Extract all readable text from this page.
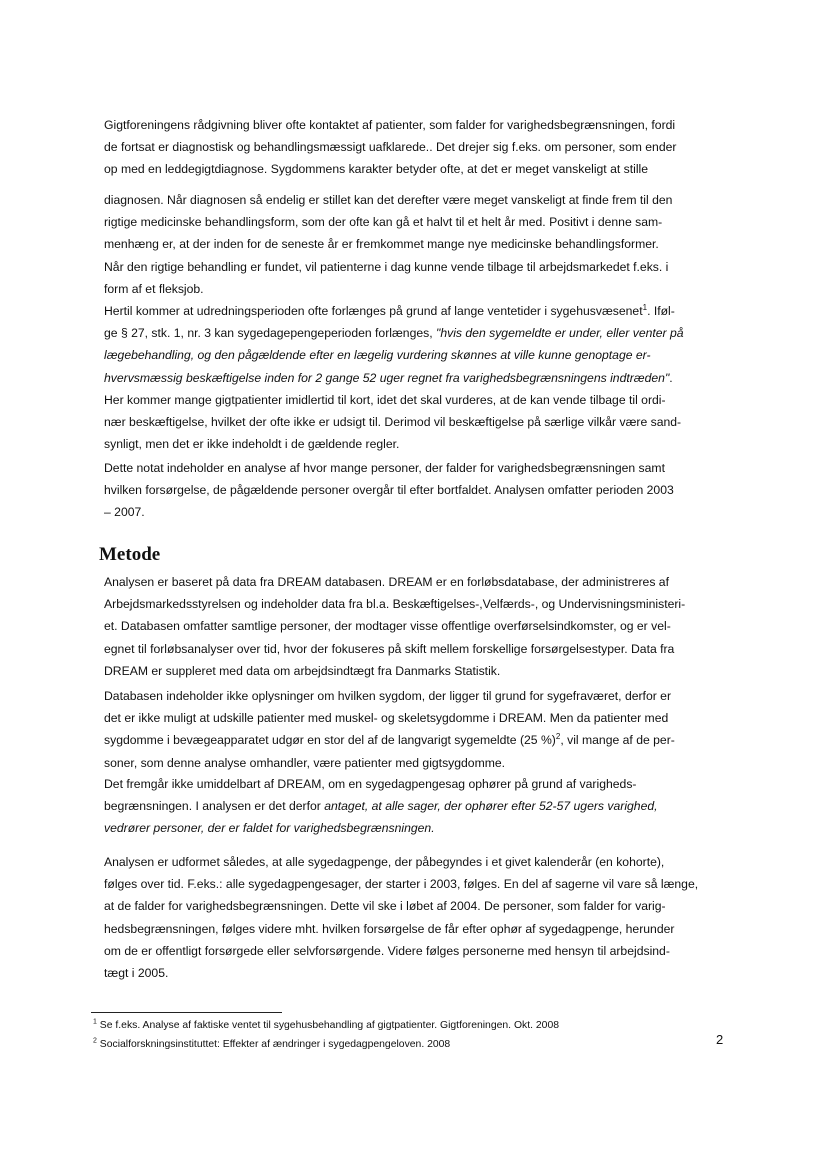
Gigtforeningens rådgivning bliver ofte kontaktet af patienter, som falder for varighedsbegrænsningen, fordi
de fortsat er diagnostisk og behandlingsmæssigt uafklarede.. Det drejer sig f.eks. om personer, som ender
op med en leddegigtdiagnose. Sygdommens karakter betyder ofte, at det er meget vanskeligt at stille
diagnosen. Når diagnosen så endelig er stillet kan det derefter være meget vanskeligt at finde frem til den
rigtige medicinske behandlingsform, som der ofte kan gå et halvt til et helt år med. Positivt i denne sam-
menhæng er, at der inden for de seneste år er fremkommet mange nye medicinske behandlingsformer.
Når den rigtige behandling er fundet, vil patienterne i dag kunne vende tilbage til arbejdsmarkedet f.eks. i
form af et fleksjob.
Hertil kommer at udredningsperioden ofte forlænges på grund af lange ventetider i sygehusvæsenet$^1$. Iføl-
ge § 27, stk. 1, nr. 3 kan sygedagepengeperioden forlænges, "hvis den sygemeldte er under, eller venter på
lægebehandling, og den pågældende efter en lægelig vurdering skønnes at ville kunne genoptage er-
hvervsmæssig beskæftigelse inden for 2 gange 52 uger regnet fra varighedsbegrænsningens indtræden".
Her kommer mange gigtpatienter imidlertid til kort, idet det skal vurderes, at de kan vende tilbage til ordi-
nær beskæftigelse, hvilket der ofte ikke er udsigt til. Derimod vil beskæftigelse på særlige vilkår være sand-
synligt, men det er ikke indeholdt i de gældende regler.
Dette notat indeholder en analyse af hvor mange personer, der falder for varighedsbegrænsningen samt
hvilken forsørgelse, de pågældende personer overgår til efter bortfaldet. Analysen omfatter perioden 2003
– 2007.
Metode
Analysen er baseret på data fra DREAM databasen. DREAM er en forløbsdatabase, der administreres af
Arbejdsmarkedsstyrelsen og indeholder data fra bl.a. Beskæftigelses-,Velfærds-, og Undervisningsministeri-
et. Databasen omfatter samtlige personer, der modtager visse offentlige overførselsindkomster, og er vel-
egnet til forløbsanalyser over tid, hvor der fokuseres på skift mellem forskellige forsørgelsestyper. Data fra
DREAM er suppleret med data om arbejdsindtægt fra Danmarks Statistik.
Databasen indeholder ikke oplysninger om hvilken sygdom, der ligger til grund for sygefraværet, derfor er
det er ikke muligt at udskille patienter med muskel- og skeletsygdomme i DREAM. Men da patienter med
sygdomme i bevægeapparatet udgør en stor del af de langvarigt sygemeldte (25 %)$^2$, vil mange af de per-
soner, som denne analyse omhandler, være patienter med gigtsygdomme.
Det fremgår ikke umiddelbart af DREAM, om en sygedagpengesag ophører på grund af varigheds-
begrænsningen. I analysen er det derfor antaget, at alle sager, der ophører efter 52-57 ugers varighed,
vedrører personer, der er faldet for varighedsbegrænsningen.
Analysen er udformet således, at alle sygedagpenge, der påbegyndes i et givet kalenderår (en kohorte),
følges over tid. F.eks.: alle sygedagpengesager, der starter i 2003, følges. En del af sagerne vil vare så længe,
at de falder for varighedsbegrænsningen. Dette vil ske i løbet af 2004. De personer, som falder for varig-
hedsbegrænsningen, følges videre mht. hvilken forsørgelse de får efter ophør af sygedagpenge, herunder
om de er offentligt forsørgede eller selvforsørgende. Videre følges personerne med hensyn til arbejdsind-
tægt i 2005.
$^1$ Se f.eks. Analyse af faktiske ventet til sygehusbehandling af gigtpatienter. Gigtforeningen. Okt. 2008
$^2$ Socialforskningsinstituttet: Effekter af ændringer i sygedagpengeloven. 2008	2
